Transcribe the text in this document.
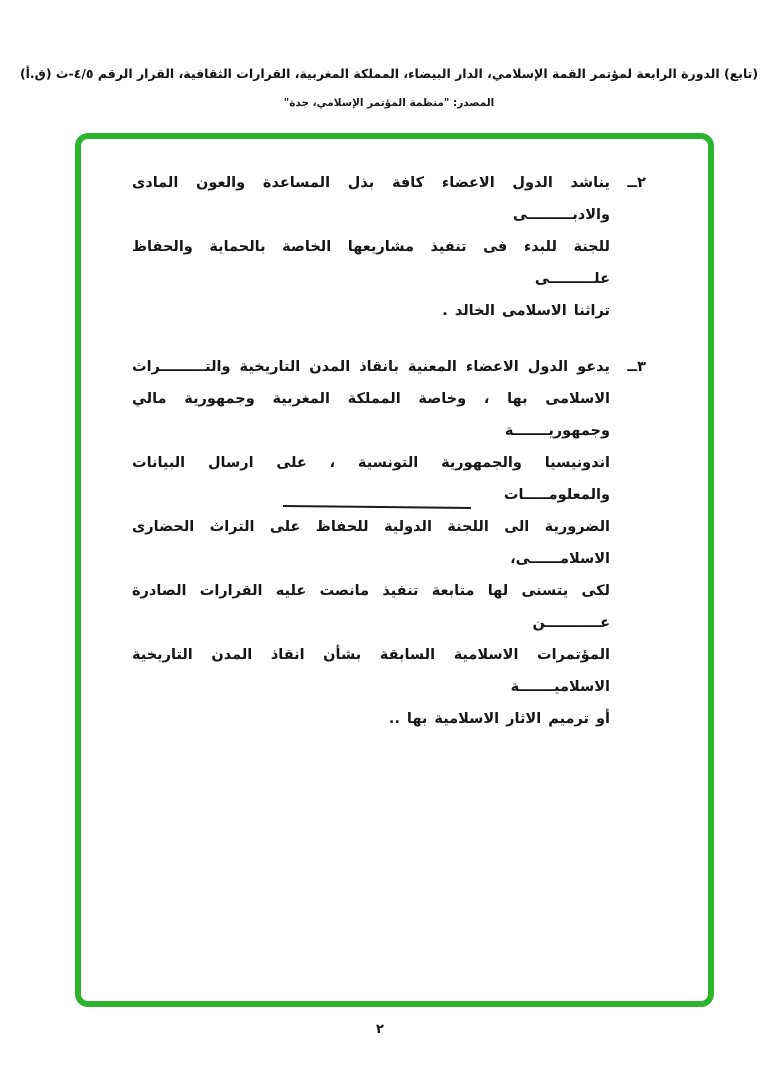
(تابع) الدورة الرابعة لمؤتمر القمة الإسلامي، الدار البيضاء، المملكة المغربية، القرارات الثقافية، القرار الرقم ٤/٥-ث (ق.أ)
المصدر: "منظمة المؤتمر الإسلامي، جدة"
٢ــ
يناشد الدول الاعضاء كافة بذل المساعدة والعون المادى والادبـــــــــى
للجنة للبدء فى تنفيذ مشاريعها الخاصة بالحماية والحفاظ علـــــــــى
تراثنا الاسلامى الخالد .
٣ــ
يدعو الدول الاعضاء المعنية بانقاذ المدن التاريخية والتـــــــــراث
الاسلامى بها ، وخاصة المملكة المغربية وجمهورية مالي وجمهوريـــــــة
اندونيسيا والجمهورية التونسية ، على ارسال البيانات والمعلومـــــات
الضرورية الى اللجنة الدولية للحفاظ على التراث الحضارى الاسلامــــــى،
لكى يتسنى لها متابعة تنفيذ مانصت عليه القرارات الصادرة عـــــــــــن
المؤتمرات الاسلامية السابقة بشأن انقاذ المدن التاريخية الاسلاميـــــــة
أو ترميم الاثار الاسلامية بها ..
٢
